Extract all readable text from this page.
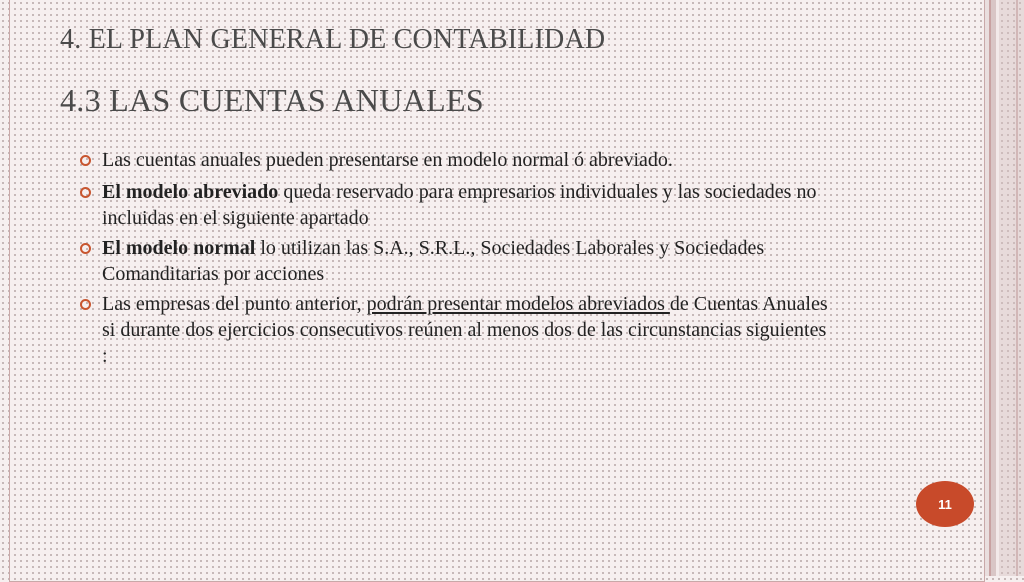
4. EL PLAN GENERAL DE CONTABILIDAD
4.3 LAS CUENTAS ANUALES
Las cuentas anuales pueden presentarse en modelo normal ó abreviado.
El modelo abreviado queda reservado para empresarios individuales y las sociedades no incluidas en el siguiente apartado
El modelo normal lo utilizan las S.A., S.R.L., Sociedades Laborales y Sociedades Comanditarias por acciones
Las empresas del punto anterior, podrán presentar modelos abreviados de Cuentas Anuales si durante dos ejercicios consecutivos reúnen al menos dos de las circunstancias siguientes :
11
